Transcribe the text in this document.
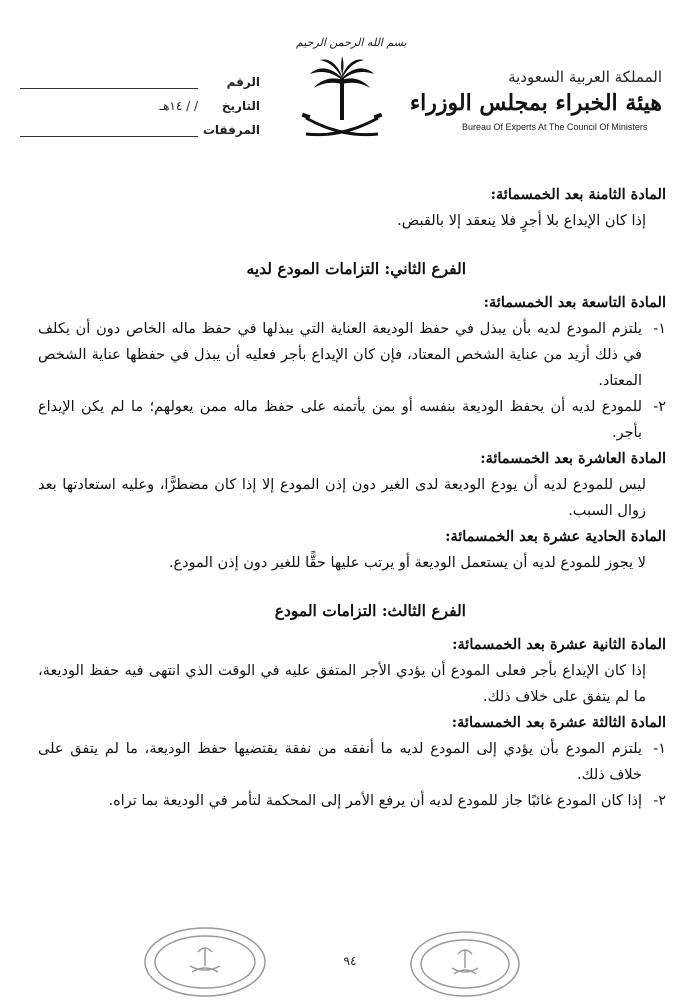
بسم الله الرحمن الرحيم
المملكة العربية السعودية
هيئة الخبراء بمجلس الوزراء
Bureau Of Experts At The Council Of Ministers
الرقم
التاريخ
/ / ١٤هـ
المرفقات

المادة الثامنة بعد الخمسمائة:

إذا كان الإيداع بلا أجرٍ فلا ينعقد إلا بالقبض.

الفرع الثاني: التزامات المودع لديه

المادة التاسعة بعد الخمسمائة:

١-
يلتزم المودع لديه بأن يبذل في حفظ الوديعة العناية التي يبذلها في حفظ ماله الخاص دون أن يكلف في ذلك أزيد من عناية الشخص المعتاد، فإن كان الإيداع بأجر فعليه أن يبذل في حفظها عناية الشخص المعتاد.
٢-
للمودع لديه أن يحفظ الوديعة بنفسه أو بمن يأتمنه على حفظ ماله ممن يعولهم؛ ما لم يكن الإيداع بأجر.

المادة العاشرة بعد الخمسمائة:

ليس للمودع لديه أن يودع الوديعة لدى الغير دون إذن المودع إلا إذا كان مضطرًّا، وعليه استعادتها بعد زوال السبب.

المادة الحادية عشرة بعد الخمسمائة:

لا يجوز للمودع لديه أن يستعمل الوديعة أو يرتب عليها حقًّا للغير دون إذن المودع.

الفرع الثالث: التزامات المودع

المادة الثانية عشرة بعد الخمسمائة:

إذا كان الإيداع بأجر فعلى المودع أن يؤدي الأجر المتفق عليه في الوقت الذي انتهى فيه حفظ الوديعة، ما لم يتفق على خلاف ذلك.

المادة الثالثة عشرة بعد الخمسمائة:

١-
يلتزم المودع بأن يؤدي إلى المودع لديه ما أنفقه من نفقة يقتضيها حفظ الوديعة، ما لم يتفق على خلاف ذلك.
٢-
إذا كان المودع غائبًا جاز للمودع لديه أن يرفع الأمر إلى المحكمة لتأمر في الوديعة بما تراه.
٩٤
